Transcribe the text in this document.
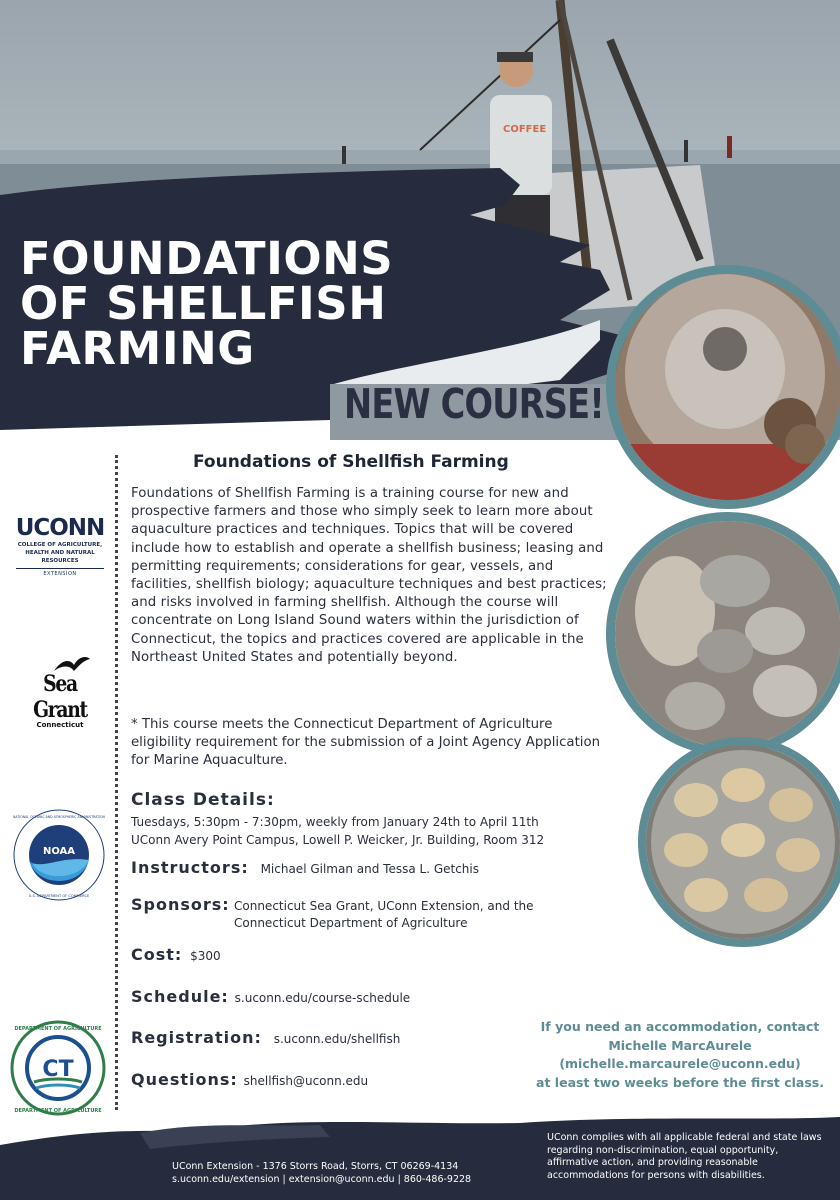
COFFEE
FOUNDATIONS
OF SHELLFISH
FARMING
NEW COURSE!
UCONN
COLLEGE OF AGRICULTURE,
HEALTH AND NATURAL
RESOURCES
EXTENSION
Sea Grant
Connecticut
NOAA
NATIONAL OCEANIC AND ATMOSPHERIC ADMINISTRATION
U.S. DEPARTMENT OF COMMERCE
CT
DEPARTMENT OF AGRICULTURE
DEPARTMENT OF AGRICULTURE
Foundations of Shellfish Farming
Foundations of Shellfish Farming is a training course for new and prospective farmers and those who simply seek to learn more about aquaculture practices and techniques. Topics that will be covered include how to establish and operate a shellfish business; leasing and permitting requirements; considerations for gear, vessels, and facilities, shellfish biology; aquaculture techniques and best practices; and risks involved in farming shellfish. Although the course will concentrate on Long Island Sound waters within the jurisdiction of Connecticut, the topics and practices covered are applicable in the Northeast United States and potentially beyond.
* This course meets the Connecticut Department of Agriculture eligibility requirement for the submission of a Joint Agency Application for Marine Aquaculture.
Class Details:
Tuesdays, 5:30pm - 7:30pm, weekly from January 24th to April 11th
UConn Avery Point Campus, Lowell P. Weicker, Jr. Building, Room 312
Instructors: Michael Gilman and Tessa L. Getchis
Sponsors: Connecticut Sea Grant, UConn Extension, and the Connecticut Department of Agriculture
Cost: $300
Schedule: s.uconn.edu/course-schedule
Registration: s.uconn.edu/shellfish
Questions: shellfish@uconn.edu
If you need an accommodation, contact
Michelle MarcAurele
(michelle.marcaurele@uconn.edu)
at least two weeks before the first class.
UConn Extension - 1376 Storrs Road, Storrs, CT 06269-4134
s.uconn.edu/extension | extension@uconn.edu | 860-486-9228
UConn complies with all applicable federal and state laws regarding non-discrimination, equal opportunity, affirmative action, and providing reasonable accommodations for persons with disabilities.
